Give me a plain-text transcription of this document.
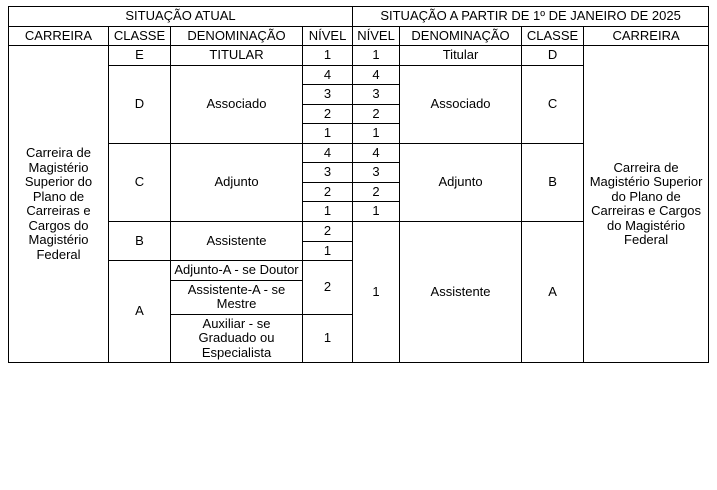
SITUAÇÃO ATUAL				SITUAÇÃO A PARTIR DE 1º DE JANEIRO DE 2025			
CARREIRA	CLASSE	DENOMINAÇÃO	NÍVEL	NÍVEL	DENOMINAÇÃO	CLASSE	CARREIRA
Carreira de Magistério Superior do Plano de Carreiras e Cargos do Magistério Federal	E	TITULAR	1	1	Titular	D	Carreira de Magistério Superior do Plano de Carreiras e Cargos do Magistério Federal
	D	Associado	4	4	Associado	C	
			3	3			
			2	2			
			1	1			
	C	Adjunto	4	4	Adjunto	B	
			3	3			
			2	2			
			1	1			
	B	Assistente	2	1	Assistente	A	
			1				
	A	Adjunto-A - se Doutor	2				
		Assistente-A - se Mestre					
		Auxiliar - se Graduado ou Especialista	1				
